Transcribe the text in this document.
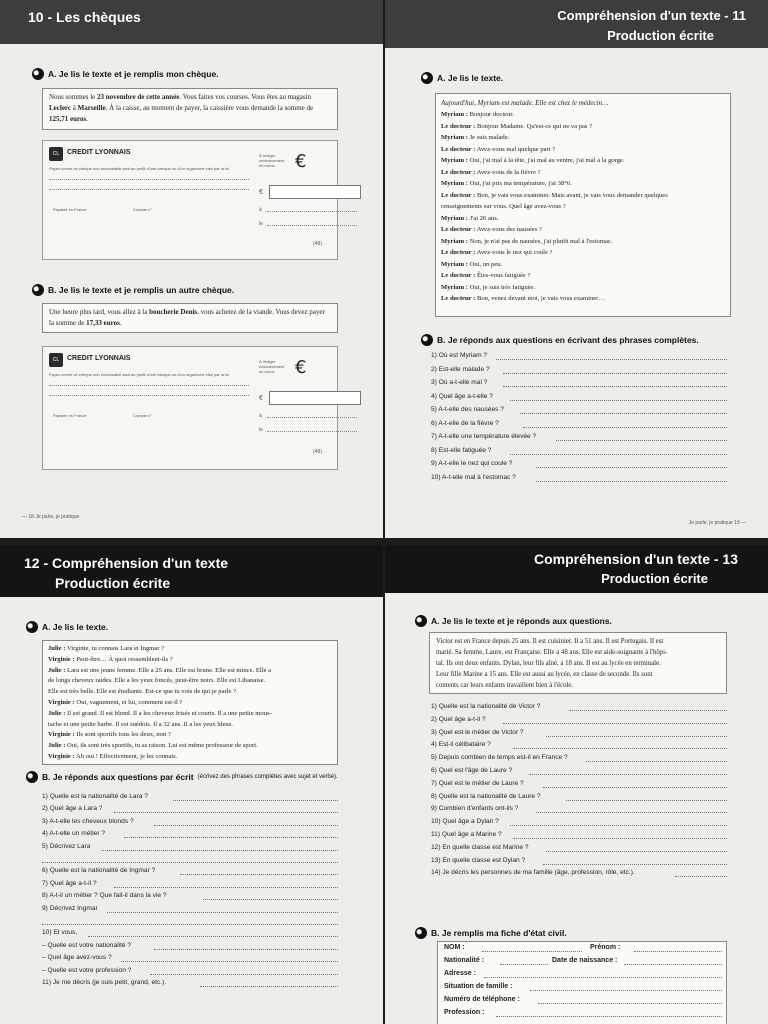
10 - Les chèques
A. Je lis le texte et je remplis mon chèque.
Nous sommes le 23 novembre de cette année. Vous faites vos courses. Vous êtes au magasin Leclerc à Marseille. À la caisse, au moment de payer, la caissière vous demande la somme de 125,71 euros.
CL	CREDIT LYONNAIS
Payez contre ce chèque non endossable sauf au profit d'une banque ou d'un organisme visé par la loi
À rédiger exclusivement en euros	€
€
Payable en France	Compte n°	à
le
(48)
B. Je lis le texte et je remplis un autre chèque.
Une heure plus tard, vous allez à la boucherie Denis, vous achetez de la viande. Vous devez payer la somme de 17,33 euros.
CL	CREDIT LYONNAIS
Payez contre ce chèque non endossable sauf au profit d'une banque ou d'un organisme visé par la loi
À rédiger exclusivement en euros	€
€
Payable en France	Compte n°	à
le
(48)
— 18 Je parle, je pratique
Compréhension d'un texte - 11
Production écrite
A. Je lis le texte.
Aujourd'hui, Myriam est malade. Elle est chez le médecin…
Myriam : Bonjour docteur.
Le docteur : Bonjour Madame. Qu'est-ce qui ne va pas ?
Myriam : Je suis malade.
Le docteur : Avez-vous mal quelque part ?
Myriam : Oui, j'ai mal à la tête, j'ai mal au ventre, j'ai mal à la gorge.
Le docteur : Avez-vous de la fièvre ?
Myriam : Oui, j'ai pris ma température, j'ai 38°6.
Le docteur : Bon, je vais vous examiner. Mais avant, je vais vous demander quelques
renseignements sur vous. Quel âge avez-vous ?
Myriam : J'ai 26 ans.
Le docteur : Avez-vous des nausées ?
Myriam : Non, je n'ai pas de nausées, j'ai plutôt mal à l'estomac.
Le docteur : Avez-vous le nez qui coule ?
Myriam : Oui, un peu.
Le docteur : Êtes-vous fatiguée ?
Myriam : Oui, je suis très fatiguée.
Le docteur : Bon, venez devant moi, je vais vous examiner…
B. Je réponds aux questions en écrivant des phrases complètes.
1) Où est Myriam ?
2) Est-elle malade ?
3) Où a-t-elle mal ?
4) Quel âge a-t-elle ?
5) A-t-elle des nausées ?
6) A-t-elle de la fièvre ?
7) A-t-elle une température élevée ?
8) Est-elle fatiguée ?
9) A-t-elle le nez qui coule ?
10) A-t-elle mal à l'estomac ?
Je parle, je pratique 19 —
12 - Compréhension d'un texte
Production écrite
A. Je lis le texte.
Julie : Virginie, tu connais Lara et Ingmar ?
Virginie : Peut-être… À quoi ressemblent-ils ?
Julie : Lara est une jeune femme. Elle a 25 ans. Elle est brune. Elle est mince. Elle a
de longs cheveux raides. Elle a les yeux foncés, peut-être noirs. Elle est Libanaise.
Elle est très belle. Elle est étudiante. Est-ce que tu vois de qui je parle ?
Virginie : Oui, vaguement, et lui, comment est-il ?
Julie : Il est grand. Il est blond. Il a les cheveux frisés et courts. Il a une petite mous-
tache et une petite barbe. Il est suédois. Il a 32 ans. Il a les yeux bleus.
Virginie : Ils sont sportifs tous les deux, non ?
Julie : Oui, ils sont très sportifs, tu as raison. Lui est même professeur de sport.
Virginie : Ah oui ! Effectivement, je les connais.
B. Je réponds aux questions par écrit (écrivez des phrases complètes avec sujet et verbe).
1) Quelle est la nationalité de Lara ?
2) Quel âge a Lara ?
3) A-t-elle les cheveux blonds ?
4) A-t-elle un métier ?
5) Décrivez Lara
6) Quelle est la nationalité de Ingmar ?
7) Quel âge a-t-il ?
8) A-t-il un métier ? Que fait-il dans la vie ?
9) Décrivez Ingmar
10) Et vous,
– Quelle est votre nationalité ?
– Quel âge avez-vous ?
– Quelle est votre profession ?
11) Je me décris (je suis petit, grand, etc.).
Compréhension d'un texte - 13
Production écrite
A. Je lis le texte et je réponds aux questions.
Victor est en France depuis 25 ans. Il est cuisinier. Il a 51 ans. Il est Portugais. Il est
marié. Sa femme, Laure, est Française. Elle a 48 ans. Elle est aide-soignante à l'hôpi-
tal. Ils ont deux enfants. Dylan, leur fils aîné, a 18 ans. Il est au lycée en terminale.
Leur fille Marine a 15 ans. Elle est aussi au lycée, en classe de seconde. Ils sont
contents car leurs enfants travaillent bien à l'école.
1) Quelle est la nationalité de Victor ?
2) Quel âge a-t-il ?
3) Quel est le métier de Victor ?
4) Est-il célibataire ?
5) Depuis combien de temps est-il en France ?
6) Quel est l'âge de Laure ?
7) Quel est le métier de Laure ?
8) Quelle est la nationalité de Laure ?
9) Combien d'enfants ont-ils ?
10) Quel âge a Dylan ?
11) Quel âge a Marine ?
12) En quelle classe est Marine ?
13) En quelle classe est Dylan ?
14) Je décris les personnes de ma famille (âge, profession, rôle, etc.).
B. Je remplis ma fiche d'état civil.
NOM :	Prénom :
Nationalité :	Date de naissance :
Adresse :
Situation de famille :
Numéro de téléphone :
Profession :
